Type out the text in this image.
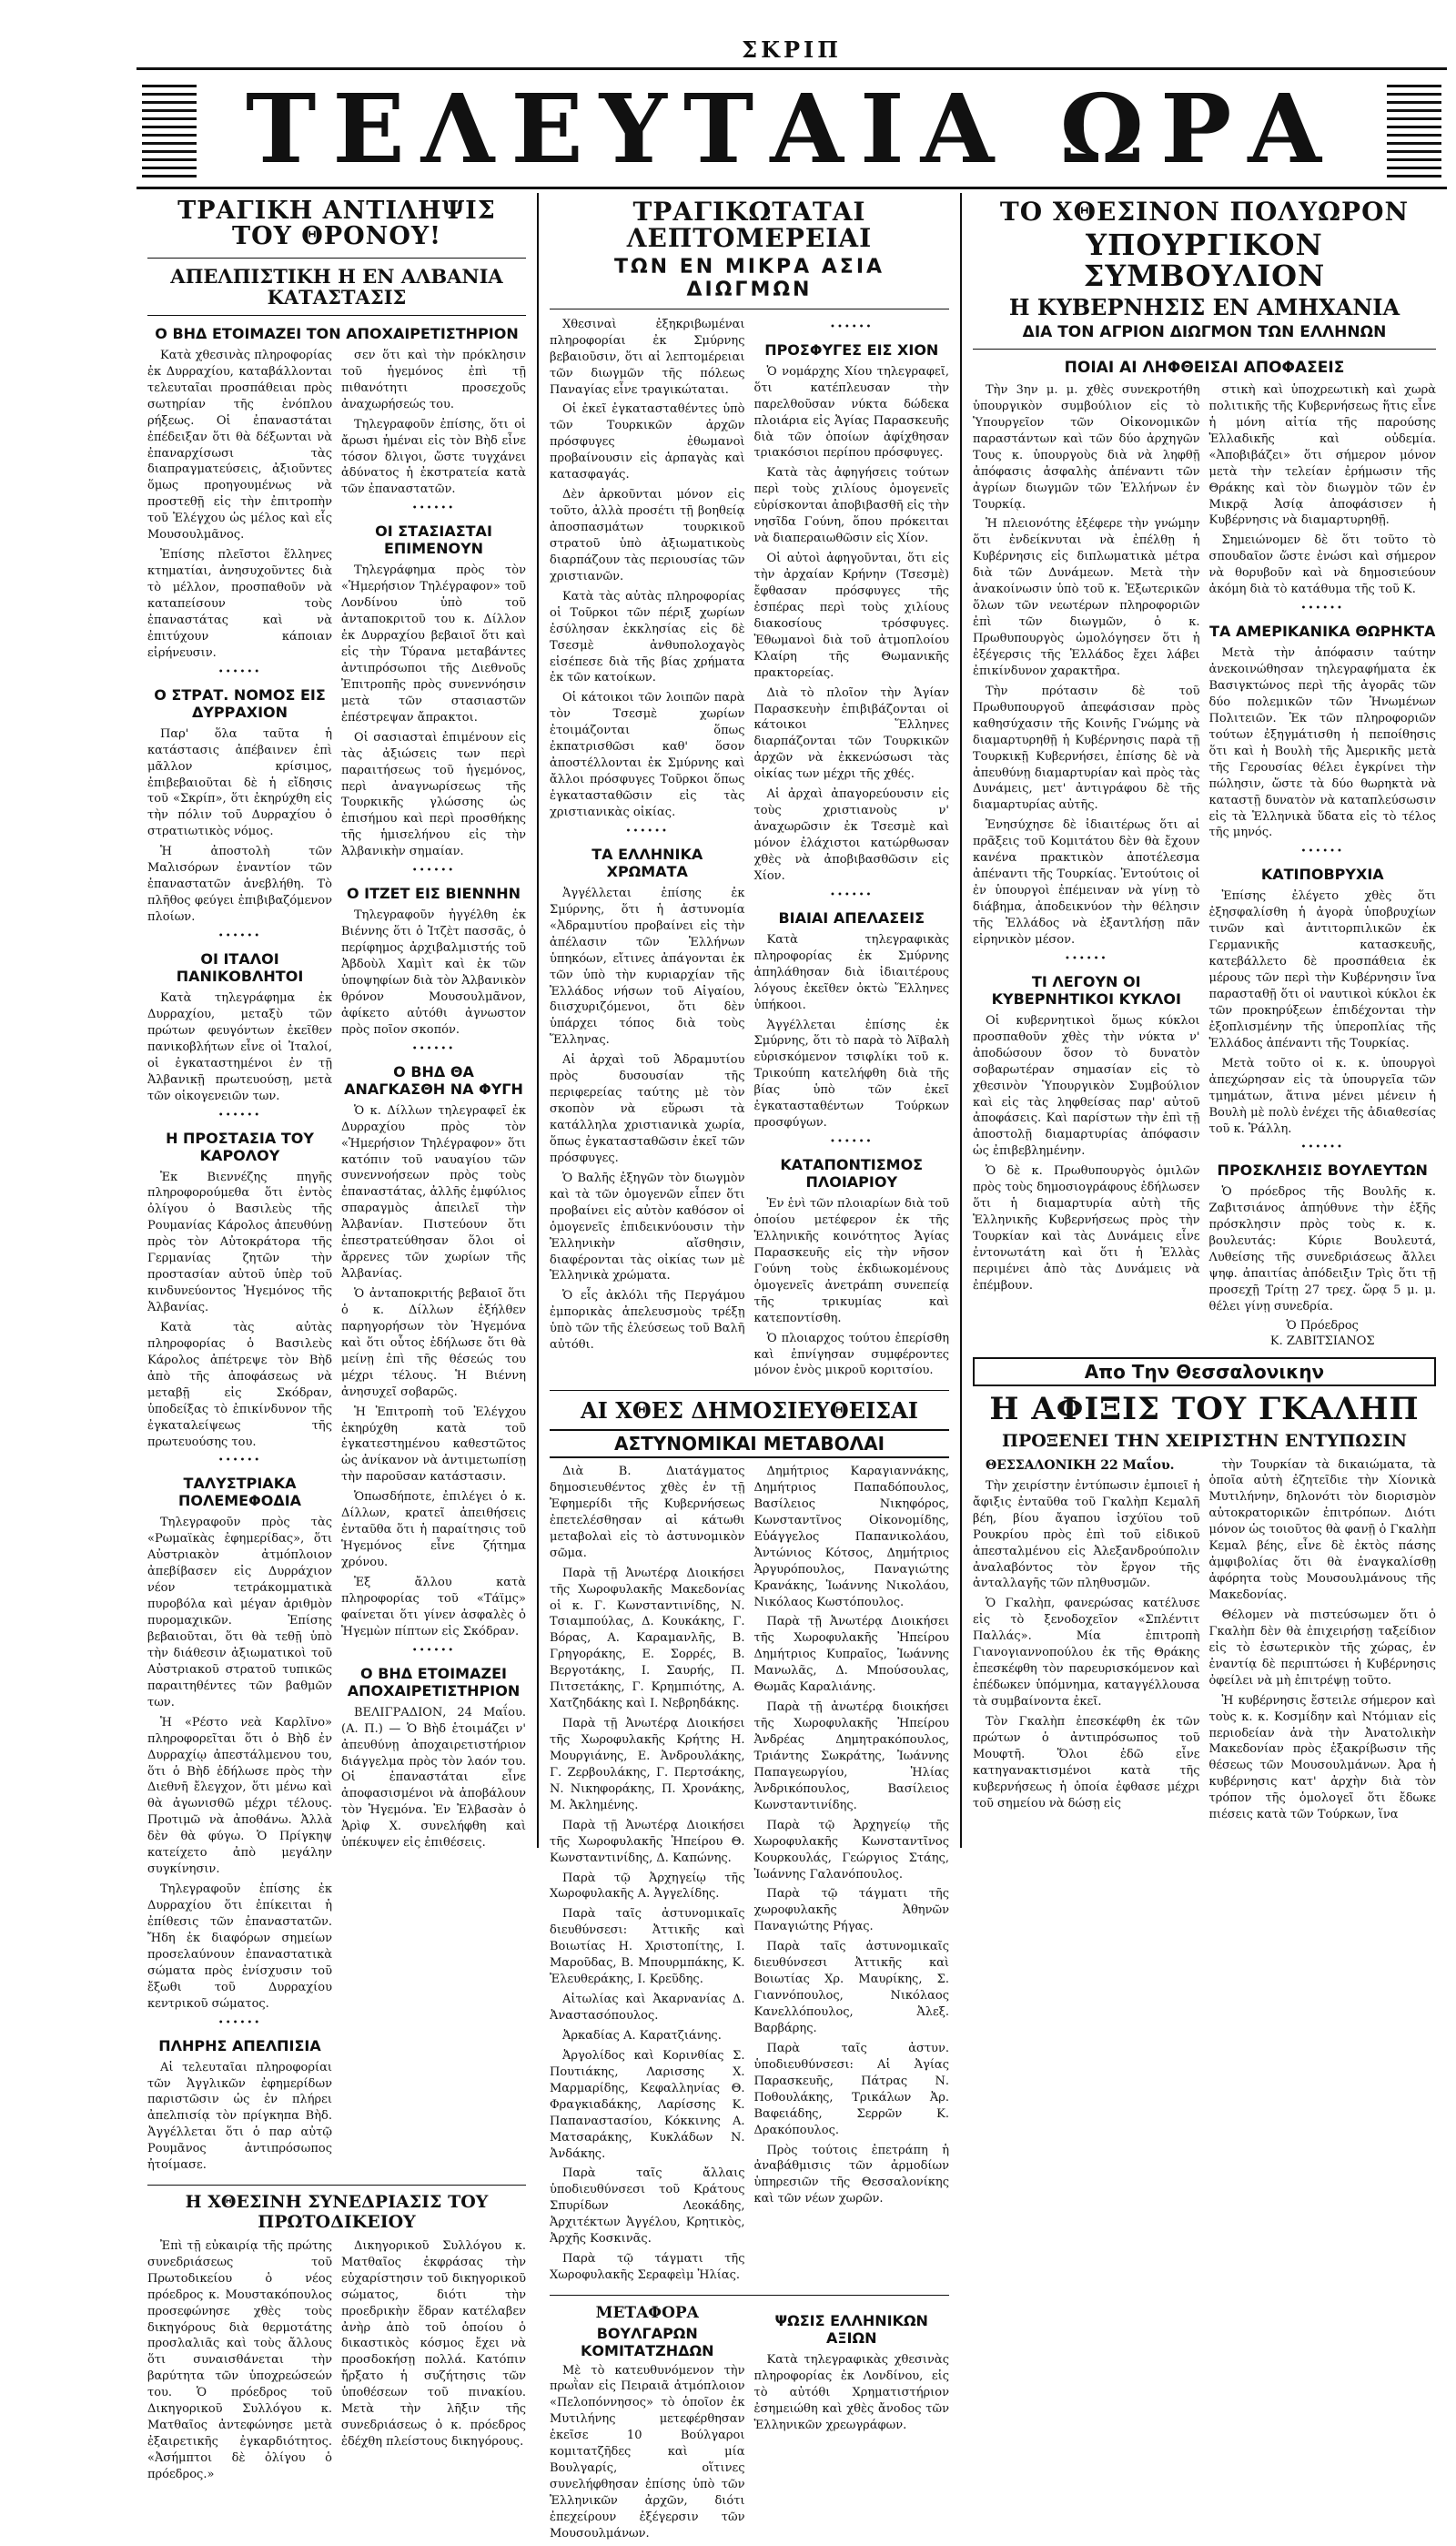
ΣΚΡΙΠ
ΤΕΛΕΥΤΑΙΑ ΩΡΑ
ΤΡΑΓΙΚΗ ΑΝΤΙΛΗΨΙΣ ΤΟΥ ΘΡΟΝΟΥ!
ΑΠΕΛΠΙΣΤΙΚΗ Η ΕΝ ΑΛΒΑΝΙΑ ΚΑΤΑΣΤΑΣΙΣ
Ο ΒΗΔ ΕΤΟΙΜΑΖΕΙ ΤΟΝ ΑΠΟΧΑΙΡΕΤΙΣΤΗΡΙΟΝ

Κατὰ χθεσινὰς πληροφορίας ἐκ Δυρραχίου, καταβάλλονται τελευταῖαι προσπάθειαι πρὸς σωτηρίαν τῆς ἐνόπλου ρήξεως. Οἱ ἐπαναστάται ἐπέδειξαν ὅτι θὰ δέξωνται νὰ ἐπαναρχίσωσι τὰς διαπραγματεύσεις, ἀξιοῦντες ὅμως προηγουμένως νὰ προστεθῇ εἰς τὴν ἐπιτροπὴν τοῦ Ἐλέγχου ὡς μέλος καὶ εἷς Μουσουλμᾶνος.

Ἐπίσης πλεῖστοι ἕλληνες κτηματίαι, ἀνησυχοῦντες διὰ τὸ μέλλον, προσπαθοῦν νὰ καταπείσουν τοὺς ἐπαναστάτας καὶ νὰ ἐπιτύχουν κάποιαν εἰρήνευσιν.

••••••
Ο ΣΤΡΑΤ. ΝΟΜΟΣ ΕΙΣ ΔΥΡΡΑΧΙΟΝ

Παρ' ὅλα ταῦτα ἡ κατάστασις ἀπέβαινεν ἐπὶ μᾶλλον κρίσιμος, ἐπιβεβαιοῦται δὲ ἡ εἴδησις τοῦ «Σκρίπ», ὅτι ἐκηρύχθη εἰς τὴν πόλιν τοῦ Δυρραχίου ὁ στρατιωτικὸς νόμος.

Ἡ ἀποστολὴ τῶν Μαλισόρων ἐναντίον τῶν ἐπαναστατῶν ἀνεβλήθη. Τὸ πλῆθος φεύγει ἐπιβιβαζόμενον πλοίων.

••••••
ΟΙ ΙΤΑΛΟΙ ΠΑΝΙΚΟΒΛΗΤΟΙ

Κατὰ τηλεγράφημα ἐκ Δυρραχίου, μεταξὺ τῶν πρώτων φευγόντων ἐκεῖθεν πανικοβλήτων εἶνε οἱ Ἰταλοί, οἱ ἐγκαταστημένοι ἐν τῇ Ἀλβανικῇ πρωτευούσῃ, μετὰ τῶν οἰκογενειῶν των.

••••••
Η ΠΡΟΣΤΑΣΙΑ ΤΟΥ ΚΑΡΟΛΟΥ

Ἐκ Βιεννέζης πηγῆς πληροφορούμεθα ὅτι ἐντὸς ὀλίγου ὁ Βασιλεὺς τῆς Ρουμανίας Κάρολος ἀπευθύνῃ πρὸς τὸν Αὐτοκράτορα τῆς Γερμανίας ζητῶν τὴν προστασίαν αὐτοῦ ὑπὲρ τοῦ κινδυνεύοντος Ἡγεμόνος τῆς Ἀλβανίας.

Κατὰ τὰς αὐτὰς πληροφορίας ὁ Βασιλεὺς Κάρολος ἀπέτρεψε τὸν Βὴδ ἀπὸ τῆς ἀποφάσεως νὰ μεταβῇ εἰς Σκόδραν, ὑποδείξας τὸ ἐπικίνδυνον τῆς ἐγκαταλείψεως τῆς πρωτευούσης του.

••••••
ΤΑΛΥΣΤΡΙΑΚΑ ΠΟΛΕΜΕΦΟΔΙΑ

Τηλεγραφοῦν πρὸς τὰς «Ρωμαϊκὰς ἐφημερίδας», ὅτι Αὐστριακὸν ἀτμόπλοιον ἀπεβίβασεν εἰς Δυρράχιον νέον τετράκομματικὰ πυροβόλα καὶ μέγαν ἀριθμὸν πυρομαχικῶν. Ἐπίσης βεβαιοῦται, ὅτι θὰ τεθῇ ὑπὸ τὴν διάθεσιν ἀξιωματικοὶ τοῦ Αὐστριακοῦ στρατοῦ τυπικῶς παραιτηθέντες τῶν βαθμῶν των.

Ἡ «Ρέστο νεὰ Καρλῖνο» πληροφορεῖται ὅτι ὁ Βὴδ ἐν Δυρραχίῳ ἀπεστάλμενου του, ὅτι ὁ Βὴδ ἐδήλωσε πρὸς τὴν Διεθνῆ ἔλεγχον, ὅτι μένω καὶ θὰ ἀγωνισθῶ μέχρι τέλους. Προτιμῶ νὰ ἀποθάνω. Ἀλλὰ δὲν θὰ φύγω. Ὁ Πρίγκηψ κατείχετο ἀπὸ μεγάλην συγκίνησιν.

Τηλεγραφοῦν ἐπίσης ἐκ Δυρραχίου ὅτι ἐπίκειται ἡ ἐπίθεσις τῶν ἐπαναστατῶν. Ἤδη ἐκ διαφόρων σημείων προσελαύνουν ἐπαναστατικὰ σώματα πρὸς ἐνίσχυσιν τοῦ ἔξωθι τοῦ Δυρραχίου κεντρικοῦ σώματος.

••••••
ΠΛΗΡΗΣ ΑΠΕΛΠΙΣΙΑ

Αἱ τελευταῖαι πληροφορίαι τῶν Ἀγγλικῶν ἐφημερίδων παριστῶσιν ὡς ἐν πλήρει ἀπελπισίᾳ τὸν πρίγκηπα Βὴδ. Ἀγγέλλεται ὅτι ὁ παρ αὐτῷ Ρουμᾶνος ἀντιπρόσωπος ἠτοίμασε.

σεν ὅτι καὶ τὴν πρόκλησιν τοῦ ἡγεμόνος ἐπὶ τῇ πιθανότητι προσεχοῦς ἀναχωρήσεώς του.

Τηλεγραφοῦν ἐπίσης, ὅτι οἱ ἄρωσι ἡμέναι εἰς τὸν Βὴδ εἶνε τόσον δλιγοι, ὥστε τυγχάνει ἀδύνατος ἡ ἐκστρατεία κατὰ τῶν ἐπαναστατῶν.

••••••
ΟΙ ΣΤΑΣΙΑΣΤΑΙ ΕΠΙΜΕΝΟΥΝ

Τηλεγράφημα πρὸς τὸν «Ἡμερήσιον Τηλέγραφον» τοῦ Λονδίνου ὑπὸ τοῦ ἀνταποκριτοῦ του κ. Δίλλον ἐκ Δυρραχίου βεβαιοῖ ὅτι καὶ εἰς τὴν Τύρανα μεταβάντες ἀντιπρόσωποι τῆς Διεθνοῦς Ἐπιτροπῆς πρὸς συνεννόησιν μετὰ τῶν στασιαστῶν ἐπέστρεψαν ἄπρακτοι.

Οἱ σασιασταὶ ἐπιμένουν εἰς τὰς ἀξιώσεις των περὶ παραιτήσεως τοῦ ἡγεμόνος, περὶ ἀναγνωρίσεως τῆς Τουρκικῆς γλώσσης ὡς ἐπισήμου καὶ περὶ προσθήκης τῆς ἡμισελήνου εἰς τὴν Ἀλβανικὴν σημαίαν.

••••••
Ο ΙΤΖΕΤ ΕΙΣ ΒΙΕΝΝΗΝ

Τηλεγραφοῦν ἠγγέλθη ἐκ Βιέννης ὅτι ὁ Ἰτζὲτ πασσᾶς, ὁ περίφημος ἀρχιβαλμιστής τοῦ Ἀβδοὺλ Χαμὶτ καὶ ἐκ τῶν ὑποψηφίων διὰ τὸν Ἀλβανικὸν θρόνον Μουσουλμᾶνον, ἀφίκετο αὐτόθι ἀγνωστον πρὸς ποῖον σκοπόν.

••••••
Ο ΒΗΔ ΘΑ ΑΝΑΓΚΑΣΘΗ ΝΑ ΦΥΓΗ

Ὁ κ. Δίλλων τηλεγραφεῖ ἐκ Δυρραχίου πρὸς τὸν «Ἡμερήσιον Τηλέγραφον» ὅτι κατόπιν τοῦ ναυαγίου τῶν συνεννοήσεων πρὸς τοὺς ἐπαναστάτας, ἀλλῆς ἐμφύλιος σπαραγμὸς ἀπειλεῖ τὴν Ἀλβανίαν. Πιστεύουν ὅτι ἐπεστρατεύθησαν ὅλοι οἱ ἄρρενες τῶν χωρίων τῆς Ἀλβανίας.

Ὁ ἀνταποκριτής βεβαιοῖ ὅτι ὁ κ. Δίλλων ἐξήλθεν παρηγορήσων τὸν Ἡγεμόνα καὶ ὅτι οὗτος ἐδήλωσε ὅτι θὰ μείνῃ ἐπὶ τῆς θέσεώς του μέχρι τέλους. Ἡ Βιέννη ἀνησυχεῖ σοβαρῶς.

Ἡ Ἐπιτροπὴ τοῦ Ἐλέγχου ἐκηρύχθη κατὰ τοῦ ἐγκατεστημένου καθεστῶτος ὡς ἀνίκανον νὰ ἀντιμετωπίσῃ τὴν παροῦσαν κατάστασιν.

Ὁπωσδήποτε, ἐπιλέγει ὁ κ. Δίλλων, κρατεῖ ἀπειθήσεις ἐνταῦθα ὅτι ἡ παραίτησις τοῦ Ἡγεμόνος εἶνε ζήτημα χρόνου.

Ἐξ ἄλλου κατὰ πληροφορίας τοῦ «Τάϊμς» φαίνεται ὅτι γίνεν ἀσφαλὲς ὁ Ἡγεμὼν πίπτων εἰς Σκόδραν.

••••••
Ο ΒΗΔ ΕΤΟΙΜΑΖΕΙ ΑΠΟΧΑΙΡΕΤΙΣΤΗΡΙΟΝ

ΒΕΛΙΓΡΑΔΙΟΝ, 24 Μαΐου. (Α. Π.) — Ὁ Βὴδ ἑτοιμάζει ν' ἀπευθύνῃ ἀποχαιρετιστήριον διάγγελμα πρὸς τὸν λαόν του. Οἱ ἐπαναστάται εἶνε ἀποφασισμένοι νὰ ἀποβάλουν τὸν Ἡγεμόνα. Ἐν Ἐλβασὰν ὁ Ἀρὶφ Χ. συνελήφθη καὶ ὑπέκυψεν εἰς ἐπιθέσεις.

Η ΧΘΕΣΙΝΗ ΣΥΝΕΔΡΙΑΣΙΣ ΤΟΥ ΠΡΩΤΟΔΙΚΕΙΟΥ

Ἐπὶ τῇ εὐκαιρίᾳ τῆς πρώτης συνεδριάσεως τοῦ Πρωτοδικείου ὁ νέος πρόεδρος κ. Μουστακόπουλος προσεφώνησε χθὲς τοὺς δικηγόρους διὰ θερμοτάτης προσλαλιᾶς καὶ τοὺς ἄλλους ὅτι συναισθάνεται τὴν βαρύτητα τῶν ὑποχρεώσεών του. Ὁ πρόεδρος τοῦ Δικηγορικοῦ Συλλόγου κ. Ματθαῖος ἀντεφώνησε μετὰ ἐξαιρετικῆς ἐγκαρδιότητος. «Ἀσήμπτοι δὲ ὀλίγου ὁ πρόεδρος.»

Δικηγορικοῦ Συλλόγου κ. Ματθαῖος ἐκφράσας τὴν εὐχαρίστησιν τοῦ δικηγορικοῦ σώματος, διότι τὴν προεδρικὴν ἕδραν κατέλαβεν ἀνὴρ ἀπὸ τοῦ ὁποίου ὁ δικαστικὸς κόσμος ἔχει νὰ προσδοκήσῃ πολλά. Κατόπιν ἤρξατο ἡ συζήτησις τῶν ὑποθέσεων τοῦ πινακίου. Μετὰ τὴν λῆξιν τῆς συνεδριάσεως ὁ κ. πρόεδρος ἐδέχθη πλείστους δικηγόρους.

ΤΡΑΓΙΚΩΤΑΤΑΙ ΛΕΠΤΟΜΕΡΕΙΑΙ
ΤΩΝ ΕΝ ΜΙΚΡΑ ΑΣΙΑ ΔΙΩΓΜΩΝ

Χθεσιναὶ ἐξηκριβωμέναι πληροφορίαι ἐκ Σμύρνης βεβαιοῦσιν, ὅτι αἱ λεπτομέρειαι τῶν διωγμῶν τῆς πόλεως Παναγίας εἶνε τραγικώταται.

Οἱ ἐκεῖ ἐγκατασταθέντες ὑπὸ τῶν Τουρκικῶν ἀρχῶν πρόσφυγες ἐθωμανοὶ προβαίνουσιν εἰς ἁρπαγὰς καὶ κατασφαγάς.

Δὲν ἀρκοῦνται μόνον εἰς τοῦτο, ἀλλὰ προσέτι τῇ βοηθείᾳ ἀποσπασμάτων τουρκικοῦ στρατοῦ ὑπὸ ἀξιωματικοὺς διαρπάζουν τὰς περιουσίας τῶν χριστιανῶν.

Κατὰ τὰς αὐτὰς πληροφορίας οἱ Τοῦρκοι τῶν πέριξ χωρίων ἐσύλησαν ἐκκλησίας εἰς δὲ Τσεσμὲ ἀνθυπολοχαγὸς εἰσέπεσε διὰ τῆς βίας χρήματα ἐκ τῶν κατοίκων.

Οἱ κάτοικοι τῶν λοιπῶν παρὰ τὸν Τσεσμὲ χωρίων ἐτοιμάζονται ὅπως ἐκπατρισθῶσι καθ' ὅσον ἀποστέλλονται ἐκ Σμύρνης καὶ ἄλλοι πρόσφυγες Τοῦρκοι ὅπως ἐγκατασταθῶσιν εἰς τὰς χριστιανικὰς οἰκίας.

••••••
ΤΑ ΕΛΛΗΝΙΚΑ ΧΡΩΜΑΤΑ

Ἀγγέλλεται ἐπίσης ἐκ Σμύρνης, ὅτι ἡ ἀστυνομία «Ἀδραμυτίου προβαίνει εἰς τὴν ἀπέλασιν τῶν Ἑλλήνων ὑπηκόων, εἴτινες ἀπάγονται ἐκ τῶν ὑπὸ τὴν κυριαρχίαν τῆς Ἑλλάδος νήσων τοῦ Αἰγαίου, διισχυριζόμενοι, ὅτι δὲν ὑπάρχει τόπος διὰ τοὺς Ἕλληνας.

Αἱ ἀρχαὶ τοῦ Ἀδραμυτίου πρὸς δυσουσίαν τῆς περιφερείας ταύτης μὲ τὸν σκοπὸν νὰ εὕρωσι τὰ κατάλληλα χριστιανικὰ χωρία, ὅπως ἐγκατασταθῶσιν ἐκεῖ τῶν πρόσφυγες.

Ὁ Βαλῆς ἐξηγῶν τὸν διωγμὸν καὶ τὰ τῶν ὁμογενῶν εἶπεν ὅτι προβαίνει εἰς αὐτὸν καθόσον οἱ ὁμογενεῖς ἐπιδεικνύουσιν τὴν Ἑλληνικὴν αἴσθησιν, διαφέρονται τὰς οἰκίας των μὲ Ἑλληνικὰ χρώματα.

Ὁ εἷς ἀκλόλι τῆς Περγάμου ἐμπορικὰς ἀπελευσμοὺς τρέξῃ ὑπὸ τῶν τῆς ἐλεύσεως τοῦ Βαλῆ αὐτόθι.

••••••
ΠΡΟΣΦΥΓΕΣ ΕΙΣ ΧΙΟΝ

Ὁ νομάρχης Χίου τηλεγραφεῖ, ὅτι κατέπλευσαν τὴν παρελθοῦσαν νύκτα δώδεκα πλοιάρια εἰς Ἁγίας Παρασκευῆς διὰ τῶν ὁποίων ἀφίχθησαν τριακόσιοι περίπου πρόσφυγες.

Κατὰ τὰς ἀφηγήσεις τούτων περὶ τοὺς χιλίους ὁμογενεῖς εὑρίσκονται ἀποβιβασθῆ εἰς τὴν νησῖδα Γούνη, ὅπου πρόκειται νὰ διαπεραιωθῶσιν εἰς Χίον.

Οἱ αὐτοὶ ἀφηγοῦνται, ὅτι εἰς τὴν ἀρχαίαν Κρήνην (Τσεσμὲ) ἔφθασαν πρόσφυγες τῆς ἐσπέρας περὶ τοὺς χιλίους διακοσίους τρόσφυγες. Ἐθωμανοὶ διὰ τοῦ ἀτμοπλοίου Κλαίρη τῆς Θωμανικῆς πρακτορείας.

Διὰ τὸ πλοῖον τὴν Ἁγίαν Παρασκευὴν ἐπιβιβάζονται οἱ κάτοικοι Ἕλληνες διαρπάζονται τῶν Τουρκικῶν ἀρχῶν νὰ ἐκκενώσωσι τὰς οἰκίας των μέχρι τῆς χθές.

Αἱ ἀρχαὶ ἀπαγορεύουσιν εἰς τοὺς χριστιανοὺς ν' ἀναχωρῶσιν ἐκ Τσεσμὲ καὶ μόνον ἐλάχιστοι κατώρθωσαν χθὲς νὰ ἀποβιβασθῶσιν εἰς Χίον.

••••••
ΒΙΑΙΑΙ ΑΠΕΛΑΣΕΙΣ

Κατὰ τηλεγραφικὰς πληροφορίας ἐκ Σμύρνης ἀπηλάθησαν διὰ ἰδιαιτέρους λόγους ἐκεῖθεν ὀκτὼ Ἕλληνες ὑπήκοοι.

Ἀγγέλλεται ἐπίσης ἐκ Σμύρνης, ὅτι τὸ παρὰ τὸ Ἀϊβαλὴ εὑρισκόμενον τσιφλίκι τοῦ κ. Τρικούπη κατελήφθη διὰ τῆς βίας ὑπὸ τῶν ἐκεῖ ἐγκατασταθέντων Τούρκων προσφύγων.

••••••
ΚΑΤΑΠΟΝΤΙΣΜΟΣ ΠΛΟΙΑΡΙΟΥ

Ἐν ἑνὶ τῶν πλοιαρίων διὰ τοῦ ὁποίου μετέφερον ἐκ τῆς Ἑλληνικῆς κοινότητος Ἁγίας Παρασκευῆς εἰς τὴν νῆσον Γούνη τοὺς ἐκδιωκομένους ὁμογενεῖς ἀνετράπη συνεπείᾳ τῆς τρικυμίας καὶ κατεποντίσθη.

Ὁ πλοιαρχος τούτου ἐπερίσθη καὶ ἐπνίγησαν συμφέροντες μόνον ἐνὸς μικροῦ κοριτσίου.

ΑΙ ΧΘΕΣ ΔΗΜΟΣΙΕΥΘΕΙΣΑΙ
ΑΣΤΥΝΟΜΙΚΑΙ ΜΕΤΑΒΟΛΑΙ

Διὰ Β. Διατάγματος δημοσιευθέντος χθὲς ἐν τῇ Ἐφημερίδι τῆς Κυβερνήσεως ἐπετελέσθησαν αἱ κάτωθι μεταβολαὶ εἰς τὸ ἀστυνομικὸν σῶμα.

Παρὰ τῇ Ἀνωτέρᾳ Διοικήσει τῆς Χωροφυλακῆς Μακεδονίας οἱ κ. Γ. Κωνσταντινίδης, Ν. Τσιαμπούλας, Δ. Κουκάκης, Γ. Βόρας, Α. Καραμανλῆς, Β. Γρηγοράκης, Ε. Σορρές, Β. Βεργοτάκης, Ι. Σαυρής, Π. Πιτσετάκης, Γ. Κρημπιότης, Α. Χατζηδάκης καὶ Ι. Νεβρηδάκης.

Παρὰ τῇ Ἀνωτέρᾳ Διοικήσει τῆς Χωροφυλακῆς Κρήτης Η. Μουργιάνης, Ε. Ἀνδρουλάκης, Γ. Ζερβουλάκης, Γ. Περτσάκης, Ν. Νικηφοράκης, Π. Χρονάκης, Μ. Ἀκλημένης.

Παρὰ τῇ Ἀνωτέρᾳ Διοικήσει τῆς Χωροφυλακῆς Ἠπείρου Θ. Κωνσταντινίδης, Δ. Καπώνης.

Παρὰ τῷ Ἀρχηγείῳ τῆς Χωροφυλακῆς Α. Ἀγγελίδης.

Παρὰ ταῖς ἀστυνομικαῖς διευθύνσεσι: Ἀττικῆς καὶ Βοιωτίας Η. Χριστοπίτης, Ι. Μαροῦδας, Β. Μπουρμπάκης, Κ. Ἐλευθεράκης, Ι. Κρεῦδης.

Αἰτωλίας καὶ Ἀκαρνανίας Δ. Ἀναστασόπουλος.

Ἀρκαδίας Α. Καρατζιάνης.

Ἀργολίδος καὶ Κορινθίας Σ. Πουτιάκης, Λαρισσης Χ. Μαρμαρίδης, Κεφαλληνίας Θ. Φραγκιαδάκης, Λαρίσσης Κ. Παπαναστασίου, Κόκκινης Α. Ματσαράκης, Κυκλάδων Ν. Ἀνδάκης.

Παρὰ ταῖς ἄλλαις ὑποδιευθύνσεσι τοῦ Κράτους Σπυρίδων Λεοκάδης, Ἀρχιτέκτων Ἀγγέλου, Κρητικὸς, Ἀρχῆς Κοσκινᾶς.

Παρὰ τῷ τάγματι τῆς Χωροφυλακῆς Σεραφεὶμ Ἠλίας.

Δημήτριος Καραγιαννάκης, Δημήτριος Παπαδόπουλος, Βασίλειος Νικηφόρος, Κωνσταντῖνος Οἰκονομίδης, Εὐάγγελος Παπανικολάου, Ἀντώνιος Κότσος, Δημήτριος Ἀργυρόπουλος, Παναγιώτης Κρανάκης, Ἰωάννης Νικολάου, Νικόλαος Κωστόπουλος.

Παρὰ τῇ Ἀνωτέρᾳ Διοικήσει τῆς Χωροφυλακῆς Ἠπείρου Δημήτριος Κυπραῖος, Ἰωάννης Μανωλᾶς, Δ. Μπούσουλας, Θωμᾶς Καραλιάνης.

Παρὰ τῇ ἀνωτέρᾳ διοικήσει τῆς Χωροφυλακῆς Ἠπείρου Ἀνδρέας Δημητρακόπουλος, Τριάντης Σωκράτης, Ἰωάννης Παπαγεωργίου, Ἠλίας Ἀνδρικόπουλος, Βασίλειος Κωνσταντινίδης.

Παρὰ τῷ Ἀρχηγείῳ τῆς Χωροφυλακῆς Κωνσταντῖνος Κουρκουλάς, Γεώργιος Στάης, Ἰωάννης Γαλανόπουλος.

Παρὰ τῷ τάγματι τῆς χωροφυλακῆς Ἀθηνῶν Παναγιώτης Ρήγας.

Παρὰ ταῖς ἀστυνομικαῖς διευθύνσεσι Ἀττικῆς καὶ Βοιωτίας Χρ. Μαυρίκης, Σ. Γιαννόπουλος, Νικόλαος Κανελλόπουλος, Ἀλεξ. Βαρβάρης.

Παρὰ ταῖς ἀστυν. ὑποδιευθύνσεσι: Αἱ Ἀγίας Παρασκευῆς, Πάτρας Ν. Ποθουλάκης, Τρικάλων Ἀρ. Βαφειάδης, Σερρῶν Κ. Δρακόπουλος.

Πρὸς τούτοις ἐπετράπη ἡ ἀναβάθμισις τῶν ἀρμοδίων ὑπηρεσιῶν τῆς Θεσσαλονίκης καὶ τῶν νέων χωρῶν.

ΜΕΤΑΦΟΡΑ
ΒΟΥΛΓΑΡΩΝ ΚΟΜΙΤΑΤΖΗΔΩΝ

Μὲ τὸ κατευθυνόμενον τὴν πρωῒαν εἰς Πειραιᾶ ἀτμόπλοιον «Πελοπόννησος» τὸ ὁποῖον ἐκ Μυτιλήνης μετεφέρθησαν ἐκεῖσε 10 Βούλγαροι κομιτατζῆδες καὶ μία Βουλγαρίς, οἵτινες συνελήφθησαν ἐπίσης ὑπὸ τῶν Ἑλληνικῶν ἀρχῶν, διότι ἐπεχείρουν ἐξέγερσιν τῶν Μουσουλμάνων.

ΨΩΣΙΣ ΕΛΛΗΝΙΚΩΝ ΑΞΙΩΝ

Κατὰ τηλεγραφικὰς χθεσινὰς πληροφορίας ἐκ Λονδίνου, εἰς τὸ αὐτόθι Χρηματιστήριον ἐσημειώθη καὶ χθὲς ἄνοδος τῶν Ἑλληνικῶν χρεωγράφων.

ΤΟ ΧΘΕΣΙΝΟΝ ΠΟΛΥΩΡΟΝ
ΥΠΟΥΡΓΙΚΟΝ ΣΥΜΒΟΥΛΙΟΝ
Η ΚΥΒΕΡΝΗΣΙΣ ΕΝ ΑΜΗΧΑΝΙΑ
ΔΙΑ ΤΟΝ ΑΓΡΙΟΝ ΔΙΩΓΜΟΝ ΤΩΝ ΕΛΛΗΝΩΝ
ΠΟΙΑΙ ΑΙ ΛΗΦΘΕΙΣΑΙ ΑΠΟΦΑΣΕΙΣ

Τὴν 3ην μ. μ. χθὲς συνεκροτήθη ὑπουργικὸν συμβούλιον εἰς τὸ Ὑπουργεῖον τῶν Οἰκονομικῶν παραστάντων καὶ τῶν δύο ἀρχηγῶν Τους κ. ὑπουργοὺς διὰ νὰ ληφθῇ ἀπόφασις ἀσφαλὴς ἀπέναντι τῶν ἀγρίων διωγμῶν τῶν Ἑλλήνων ἐν Τουρκίᾳ.

Ἡ πλειονότης ἐξέφερε τὴν γνώμην ὅτι ἐνδείκνυται νὰ ἐπέλθῃ ἡ Κυβέρνησις εἰς διπλωματικὰ μέτρα διὰ τῶν Δυνάμεων. Μετὰ τὴν ἀνακοίνωσιν ὑπὸ τοῦ κ. Ἐξωτερικῶν ὅλων τῶν νεωτέρων πληροφοριῶν ἐπὶ τῶν διωγμῶν, ὁ κ. Πρωθυπουργὸς ὡμολόγησεν ὅτι ἡ ἐξέγερσις τῆς Ἑλλάδος ἔχει λάβει ἐπικίνδυνον χαρακτῆρα.

Τὴν πρότασιν δὲ τοῦ Πρωθυπουργοῦ ἀπεφάσισαν πρὸς καθησύχασιν τῆς Κοινῆς Γνώμης νὰ διαμαρτυρηθῇ ἡ Κυβέρνησις παρὰ τῇ Τουρκικῇ Κυβερνήσει, ἐπίσης δὲ νὰ ἀπευθύνῃ διαμαρτυρίαν καὶ πρὸς τὰς Δυνάμεις, μετ' ἀντιγράφου δὲ τῆς διαμαρτυρίας αὐτῆς.

Ἐνησύχησε δὲ ἰδιαιτέρως ὅτι αἱ πρᾶξεις τοῦ Κομιτάτου δὲν θὰ ἔχουν κανένα πρακτικὸν ἀποτέλεσμα ἀπέναντι τῆς Τουρκίας. Ἐντούτοις οἱ ἐν ὑπουργοὶ ἐπέμειναν νὰ γίνῃ τὸ διάβημα, ἀποδεικνύον τὴν θέλησιν τῆς Ἑλλάδος νὰ ἐξαντλήσῃ πᾶν εἰρηνικὸν μέσον.

••••••
ΤΙ ΛΕΓΟΥΝ ΟΙ ΚΥΒΕΡΝΗΤΙΚΟΙ ΚΥΚΛΟΙ

Οἱ κυβερνητικοὶ ὅμως κύκλοι προσπαθοῦν χθὲς τὴν νύκτα ν' ἀποδώσουν ὅσον τὸ δυνατὸν σοβαρωτέραν σημασίαν εἰς τὸ χθεσινὸν Ὑπουργικὸν Συμβούλιον καὶ εἰς τὰς ληφθείσας παρ' αὐτοῦ ἀποφάσεις. Καὶ παρίστων τὴν ἐπὶ τῇ ἀποστολῇ διαμαρτυρίας ἀπόφασιν ὡς ἐπιβεβλημένην.

Ὁ δὲ κ. Πρωθυπουργὸς ὁμιλῶν πρὸς τοὺς δημοσιογράφους ἐδήλωσεν ὅτι ἡ διαμαρτυρία αὐτὴ τῆς Ἑλληνικῆς Κυβερνήσεως πρὸς τὴν Τουρκίαν καὶ τὰς Δυνάμεις εἶνε ἐντονωτάτη καὶ ὅτι ἡ Ἑλλὰς περιμένει ἀπὸ τὰς Δυνάμεις νὰ ἐπέμβουν.

στικὴ καὶ ὑποχρεωτικὴ καὶ χωρὰ πολιτικῆς τῆς Κυβερνήσεως ἥτις εἶνε ἡ μόνη αἰτία τῆς παρούσης Ἑλλαδικῆς καὶ οὐδεμία. «Ἀποβιβάζει» ὅτι σήμερον μόνον μετὰ τὴν τελείαν ἐρήμωσιν τῆς Θράκης καὶ τὸν διωγμὸν τῶν ἐν Μικρᾷ Ἀσίᾳ ἀποφάσισεν ἡ Κυβέρνησις νὰ διαμαρτυρηθῇ.

Σημειώνομεν δὲ ὅτι τοῦτο τὸ σπουδαῖον ὥστε ἐνώσι καὶ σήμερον νὰ θορυβοῦν καὶ νὰ δημοσιεύουν ἀκόμη διὰ τὸ κατάθυμα τῆς τοῦ Κ.

••••••
ΤΑ ΑΜΕΡΙΚΑΝΙΚΑ ΘΩΡΗΚΤΑ

Μετὰ τὴν ἀπόφασιν ταύτην ἀνεκοινώθησαν τηλεγραφήματα ἐκ Βασιγκτώνος περὶ τῆς ἀγορᾶς τῶν δύο πολεμικῶν τῶν Ἡνωμένων Πολιτειῶν. Ἐκ τῶν πληροφοριῶν τούτων ἐξηγμάτισθη ἡ πεποίθησις ὅτι καὶ ἡ Βουλὴ τῆς Ἀμερικῆς μετὰ τῆς Γερουσίας θέλει ἐγκρίνει τὴν πώλησιν, ὥστε τὰ δύο θωρηκτὰ νὰ καταστῇ δυνατὸν νὰ καταπλεύσωσιν εἰς τὰ Ἑλληνικὰ ὕδατα εἰς τὸ τέλος τῆς μηνός.

••••••
ΚΑΤΙΠΟΒΡΥΧΙΑ

Ἐπίσης ἐλέγετο χθὲς ὅτι ἐξησφαλίσθη ἡ ἀγορὰ ὑποβρυχίων τινῶν καὶ ἀντιτορπιλικῶν ἐκ Γερμανικῆς κατασκευῆς, κατεβάλλετο δὲ προσπάθεια ἐκ μέρους τῶν περὶ τὴν Κυβέρνησιν ἵνα παρασταθῇ ὅτι οἱ ναυτικοὶ κύκλοι ἐκ τῶν προκηρύξεων ἐπιδέχονται τὴν ἐξοπλισμένην τῆς ὑπεροπλίας τῆς Ἑλλάδος ἀπέναντι τῆς Τουρκίας.

Μετὰ τοῦτο οἱ κ. κ. ὑπουργοὶ ἀπεχώρησαν εἰς τὰ ὑπουργεῖα τῶν τμημάτων, ἅτινα μένει μένειν ἡ Βουλὴ μὲ πολὺ ἐνέχει τῆς ἀδιαθεσίας τοῦ κ. Ῥάλλη.

••••••
ΠΡΟΣΚΛΗΣΙΣ ΒΟΥΛΕΥΤΩΝ

Ὁ πρόεδρος τῆς Βουλῆς κ. Ζαβιτσιάνος ἀπηύθυνε τὴν ἑξῆς πρόσκλησιν πρὸς τοὺς κ. κ. βουλευτάς: Κύριε Βουλευτά, Λυθείσης τῆς συνεδριάσεως ἄλλει ψηφ. ἀπαιτίας ἀπόδειξιν Τρὶς ὅτι τῇ προσεχῇ Τρίτῃ 27 τρεχ. ὥρᾳ 5 μ. μ. θέλει γίνῃ συνεδρία.

Ὁ Πρόεδρος
Κ. ΖΑΒΙΤΣΙΑΝΟΣ
Απο Την Θεσσαλονικην
Η ΑΦΙΞΙΣ ΤΟΥ ΓΚΑΛΗΠ
ΠΡΟΞΕΝΕΙ ΤΗΝ ΧΕΙΡΙΣΤΗΝ ΕΝΤΥΠΩΣΙΝ

ΘΕΣΣΑΛΟΝΙΚΗ 22 Μαΐου.

Τὴν χειρίστην ἐντύπωσιν ἐμποιεῖ ἡ ἄφιξις ἐνταῦθα τοῦ Γκαλὴπ Κεμαλῆ βέη, βίου ἄγαπου ἰσχύϊου τοῦ Ρουκρίου πρὸς ἐπὶ τοῦ εἰδικοῦ ἀπεσταλμένου εἰς Ἀλεξανδρούπολιν ἀναλαβόντος τὸν ἔργον τῆς ἀνταλλαγῆς τῶν πληθυσμῶν.

Ὁ Γκαλὴπ, φανερώσας κατέλυσε εἰς τὸ ξενοδοχεῖον «Σπλέντιτ Παλλάς». Μία ἐπιτροπὴ Γιανογιαννοπούλου ἐκ τῆς Θράκης ἐπεσκέφθη τὸν παρευρισκόμενον καὶ ἐπέδωκεν ὑπόμνημα, καταγγέλλουσα τὰ συμβαίνοντα ἐκεῖ.

Τὸν Γκαλὴπ ἐπεσκέφθη ἐκ τῶν πρώτων ὁ ἀντιπρόσωπος τοῦ Μουφτῆ. Ὅλοι ἐδῶ εἶνε κατηγανακτισμένοι κατὰ τῆς κυβερνήσεως ἡ ὁποία ἐφθασε μέχρι τοῦ σημείου νὰ δώσῃ εἰς

τὴν Τουρκίαν τὰ δικαιώματα, τὰ ὁποῖα αὐτὴ ἐζητεῖδιε τὴν Χίονικὰ Μυτιλήνην, δηλονότι τὸν διορισμὸν αὐτοκρατορικῶν ἐπιτρόπων. Διότι μόνον ὡς τοιοῦτος θὰ φανῇ ὁ Γκαλὴπ Κεμαλ βέης, εἶνε δὲ ἐκτὸς πάσης ἀμφιβολίας ὅτι θὰ ἐναγκαλίσθῃ ἀφόρητα τοὺς Μουσουλμάνους τῆς Μακεδονίας.

Θέλομεν νὰ πιστεύσωμεν ὅτι ὁ Γκαλὴπ δὲν θὰ ἐπιχειρήσῃ ταξείδιον εἰς τὸ ἐσωτερικὸν τῆς χώρας, ἐν ἐναντίᾳ δὲ περιπτώσει ἡ Κυβέρνησις ὀφείλει νὰ μὴ ἐπιτρέψῃ τοῦτο.

Ἡ κυβέρνησις ἔστειλε σήμερον καὶ τοὺς κ. κ. Κοσμίδην καὶ Ντόμιαν εἰς περιοδείαν ἀνὰ τὴν Ἀνατολικὴν Μακεδονίαν πρὸς ἐξακρίβωσιν τῆς θέσεως τῶν Μουσουλμάνων. Ἀρα ἡ κυβέρνησις κατ' ἀρχὴν διὰ τὸν τρόπον τῆς ὁμολογεῖ ὅτι ἔδωκε πιέσεις κατὰ τῶν Τούρκων, ἵνα
